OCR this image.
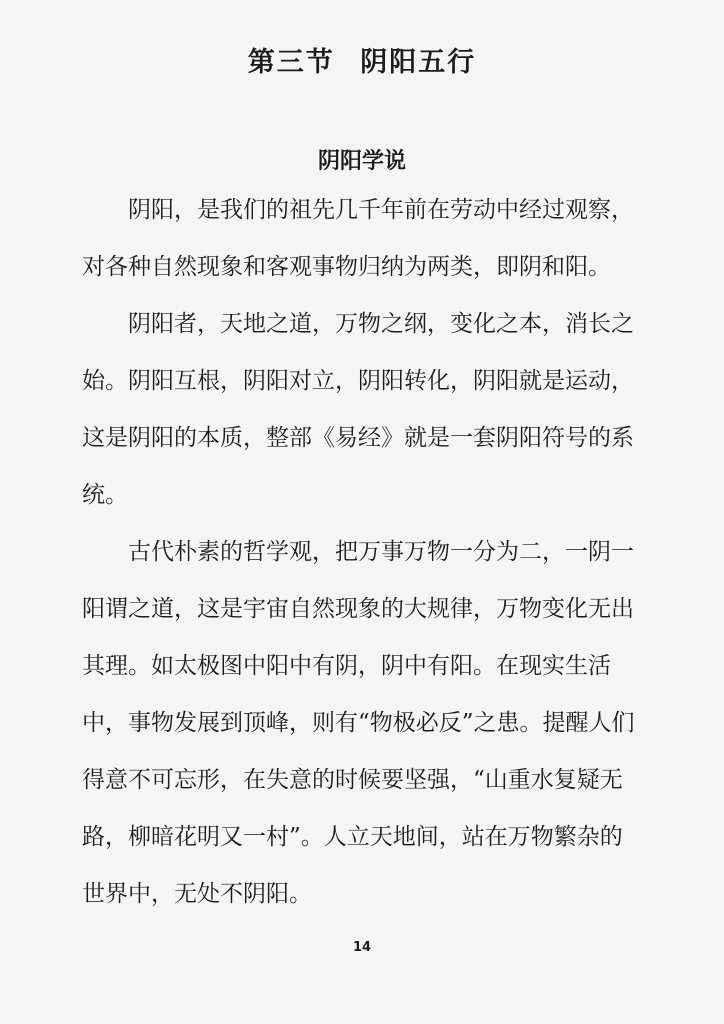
第三节 阴阳五行
阴阳学说

阴阳，是我们的祖先几千年前在劳动中经过观察，对各种自然现象和客观事物归纳为两类，即阴和阳。

阴阳者，天地之道，万物之纲，变化之本，消长之始。阴阳互根，阴阳对立，阴阳转化，阴阳就是运动，这是阴阳的本质，整部《易经》就是一套阴阳符号的系统。

古代朴素的哲学观，把万事万物一分为二，一阴一阳谓之道，这是宇宙自然现象的大规律，万物变化无出其理。如太极图中阳中有阴，阴中有阳。在现实生活中，事物发展到顶峰，则有“物极必反”之患。提醒人们得意不可忘形，在失意的时候要坚强，“山重水复疑无路，柳暗花明又一村”。人立天地间，站在万物繁杂的世界中，无处不阴阳。

14
